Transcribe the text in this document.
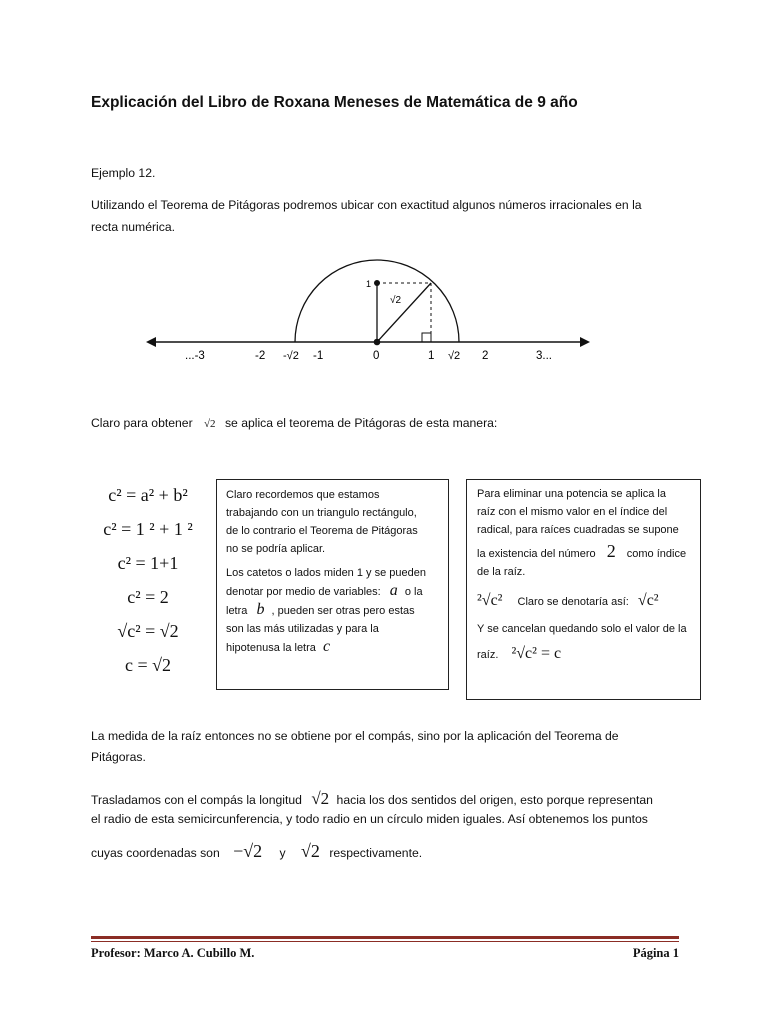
Explicación del Libro de Roxana Meneses de Matemática de 9 año
Ejemplo 12.
Utilizando el Teorema de Pitágoras podremos ubicar con exactitud algunos números irracionales en la
recta numérica.
1
√2
...-3	-2 -√2 -1	0	1 √2 2	3...
Claro para obtener √2 se aplica el teorema de Pitágoras de esta manera:
c² = a² + b²
c² = 1 ² + 1 ²
c² = 1+1
c² = 2
√c² = √2
c = √2

Claro recordemos que estamos

trabajando con un triangulo rectángulo,

de lo contrario el Teorema de Pitágoras

no se podría aplicar.

Los catetos o lados miden 1 y se pueden

denotar por medio de variables: a o la

letra b , pueden ser otras pero estas

son las más utilizadas y para la

hipotenusa la letra c

Para eliminar una potencia se aplica la

raíz con el mismo valor en el índice del

radical, para raíces cuadradas se supone

la existencia del número 2 como índice

de la raíz.

²√c² Claro se denotaría así: √c²

Y se cancelan quedando solo el valor de la

raíz. ²√c² = c

La medida de la raíz entonces no se obtiene por el compás, sino por la aplicación del Teorema de
Pitágoras.
Trasladamos con el compás la longitud √2 hacia los dos sentidos del origen, esto porque representan
el radio de esta semicircunferencia, y todo radio en un círculo miden iguales. Así obtenemos los puntos
cuyas coordenadas son −√2 y √2 respectivamente.
Profesor: Marco A. Cubillo M.	Página 1
